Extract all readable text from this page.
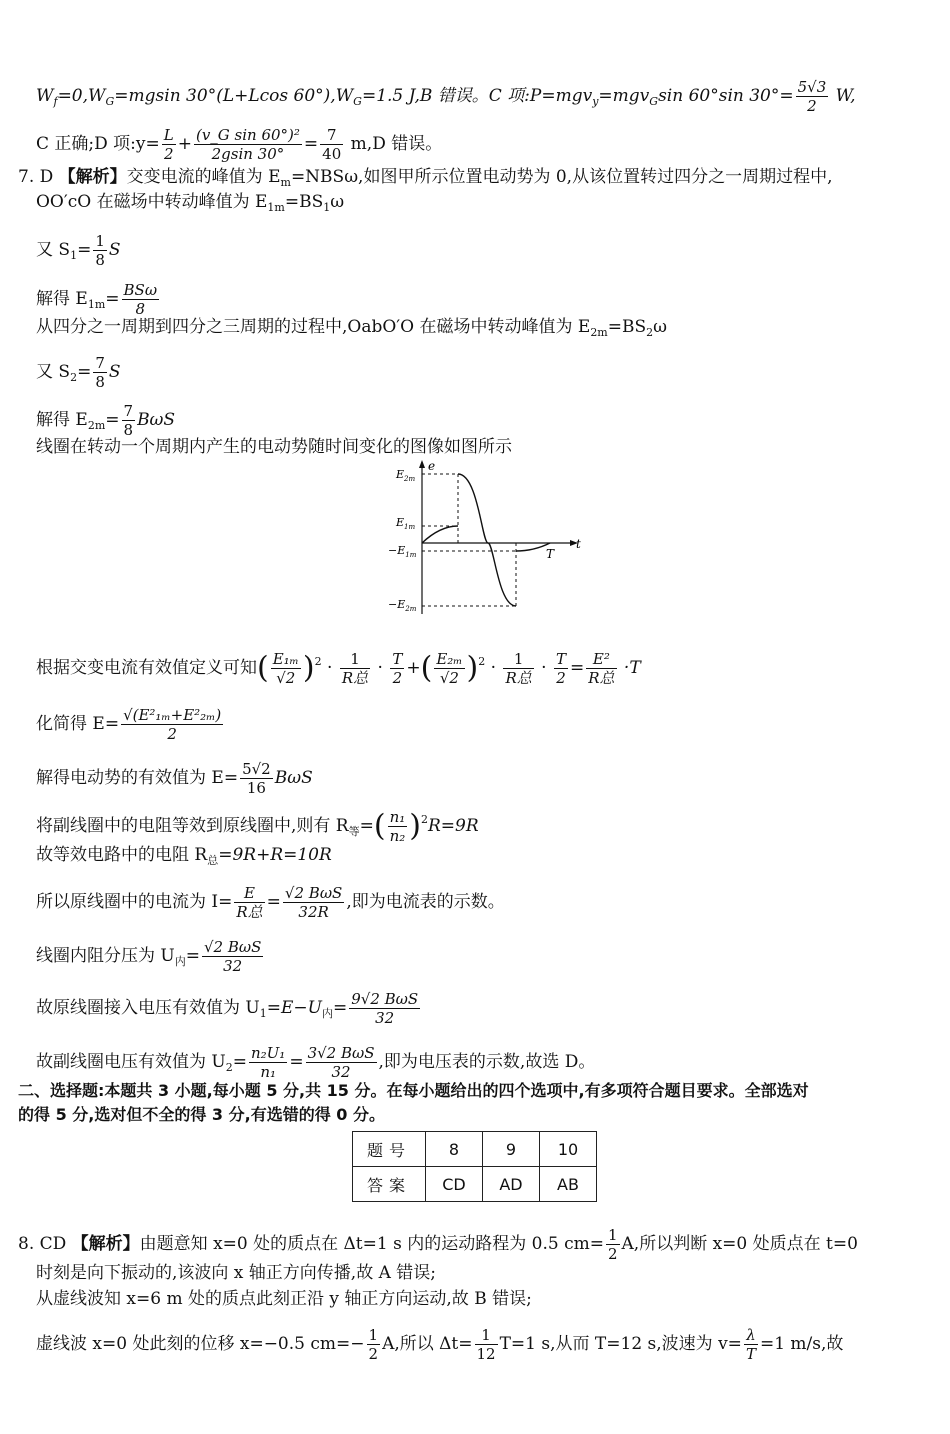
$W_f=0,W_G=mgsin$ 30°(L+Lcos $60^\circ),W_G=1.5$ J,B 错误。C 项:P=mgv$_y$=mgv$_G$sin 60°sin $30^\circ= \frac{5√3}{2} W$,
C 正确;D 项:y= $\frac{L}{2} + \frac{\text{(v\_G sin 60°)²}}{2gsin 30^\circ} = \frac{7}{40} m,D$ 错误。
7. D 【解析】交变电流的峰值为 $E_m=NBS\omega$,如图甲所示位置电动势为 0,从该位置转过四分之一周期过程中,
OO′cO 在磁场中转动峰值为 $E_{1m}=BS_1\omega$
又 $S_1= \frac{1}{8}$ S
解得 $E_{1m}= \frac{\text{BSω}}{8}$
从四分之一周期到四分之三周期的过程中,OabO′O 在磁场中转动峰值为 $E_{2m}=BS_2\omega$
又 $S_2= \frac{7}{8}$ S
解得 $E_{2m}= \frac{7}{8}$ BωS
线圈在转动一个周期内产生的电动势随时间变化的图像如图所示
e
t
$E_{2m}$
$E_{1m}$
$-E_{1m}$
$-E_{2m}$
T
根据交变电流有效值定义可知( $\frac{\text{E₁ₘ}}{√2} )^2 \cdot \frac{1}{\text{R总}} \cdot \frac{T}{2}$ +( $\frac{\text{E₂ₘ}}{√2} )^2 \cdot \frac{1}{\text{R总}} \cdot \frac{T}{2} = \frac{\text{E²}}{\text{R总}} \cdot T$
化简得 $E= \frac{\text{√(E²₁ₘ+E²₂ₘ)}}{2}$
解得电动势的有效值为 $E= \frac{5√2}{16}$ BωS
将副线圈中的电阻等效到原线圈中,则有 $R_等=( \frac{\text{n₁}}{\text{n₂}} )^2R=9R$
故等效电路中的电阻 $R_总=9R+R=10R$
所以原线圈中的电流为 $I= \frac{E}{\text{R总}} = \frac{\text{√2 BωS}}{32R}$ ,即为电流表的示数。
线圈内阻分压为 $U_内= \frac{\text{√2 BωS}}{32}$
故原线圈接入电压有效值为 $U_1=E-U_内= \frac{\text{9√2 BωS}}{32}$
故副线圈电压有效值为 $U_2= \frac{\text{n₂U₁}}{\text{n₁}} = \frac{\text{3√2 BωS}}{32}$ ,即为电压表的示数,故选 D。
二、选择题:本题共 3 小题,每小题 5 分,共 15 分。在每小题给出的四个选项中,有多项符合题目要求。全部选对
的得 5 分,选对但不全的得 3 分,有选错的得 0 分。
题号	8	9	10
答案	CD	AD	AB
8. CD 【解析】由题意知 x=0 处的质点在 Δt=1 s 内的运动路程为 0.5 $cm= \frac{1}{2} A$,所以判断 x=0 处质点在 t=0
时刻是向下振动的,该波向 x 轴正方向传播,故 A 错误;
从虚线波知 x=6 m 处的质点此刻正沿 y 轴正方向运动,故 B 错误;
虚线波 x=0 处此刻的位移 x=−0.5 $cm=- \frac{1}{2} A$,所以 $\Delta t= \frac{1}{12} T=1$ s,从而 T=12 s,波速为 $v= \frac{\lambda}{T} =1$ m/s,故
